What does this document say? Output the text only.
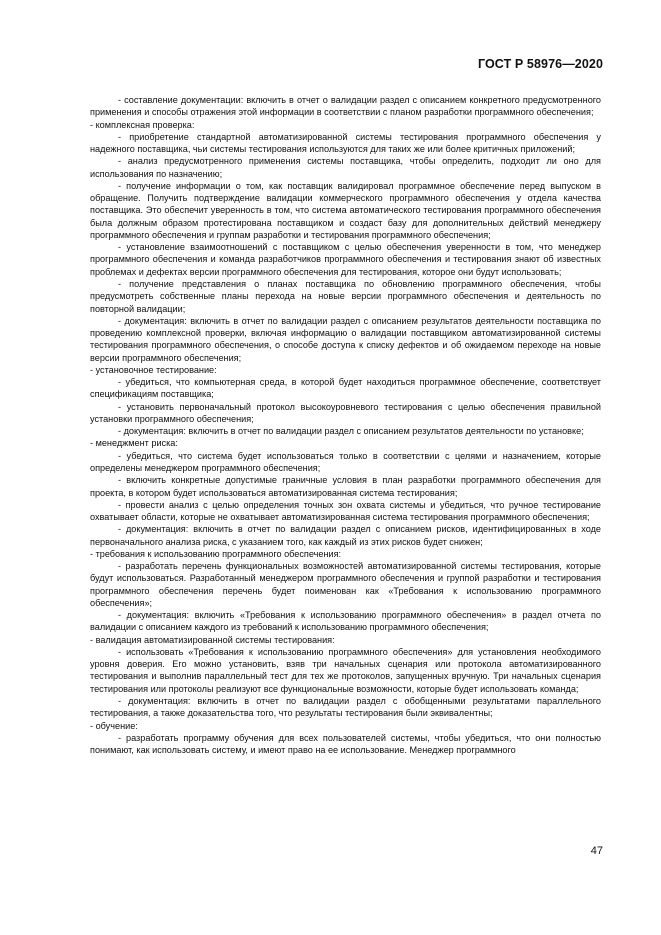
ГОСТ Р 58976—2020

- составление документации: включить в отчет о валидации раздел с описанием конкретного предусмотренного применения и способы отражения этой информации в соответствии с планом разработки программного обеспечения;

- комплексная проверка:

- приобретение стандартной автоматизированной системы тестирования программного обеспечения у надежного поставщика, чьи системы тестирования используются для таких же или более критичных приложений;

- анализ предусмотренного применения системы поставщика, чтобы определить, подходит ли оно для использования по назначению;

- получение информации о том, как поставщик валидировал программное обеспечение перед выпуском в обращение. Получить подтверждение валидации коммерческого программного обеспечения у отдела качества поставщика. Это обеспечит уверенность в том, что система автоматического тестирования программного обеспечения была должным образом протестирована поставщиком и создаст базу для дополнительных действий менеджеру программного обеспечения и группам разработки и тестирования программного обеспечения;

- установление взаимоотношений с поставщиком с целью обеспечения уверенности в том, что менеджер программного обеспечения и команда разработчиков программного обеспечения и тестирования знают об известных проблемах и дефектах версии программного обеспечения для тестирования, которое они будут использовать;

- получение представления о планах поставщика по обновлению программного обеспечения, чтобы предусмотреть собственные планы перехода на новые версии программного обеспечения и деятельность по повторной валидации;

- документация: включить в отчет по валидации раздел с описанием результатов деятельности поставщика по проведению комплексной проверки, включая информацию о валидации поставщиком автоматизированной системы тестирования программного обеспечения, о способе доступа к списку дефектов и об ожидаемом переходе на новые версии программного обеспечения;

- установочное тестирование:

- убедиться, что компьютерная среда, в которой будет находиться программное обеспечение, соответствует спецификациям поставщика;

- установить первоначальный протокол высокоуровневого тестирования с целью обеспечения правильной установки программного обеспечения;

- документация: включить в отчет по валидации раздел с описанием результатов деятельности по установке;

- менеджмент риска:

- убедиться, что система будет использоваться только в соответствии с целями и назначением, которые определены менеджером программного обеспечения;

- включить конкретные допустимые граничные условия в план разработки программного обеспечения для проекта, в котором будет использоваться автоматизированная система тестирования;

- провести анализ с целью определения точных зон охвата системы и убедиться, что ручное тестирование охватывает области, которые не охватывает автоматизированная система тестирования программного обеспечения;

- документация: включить в отчет по валидации раздел с описанием рисков, идентифицированных в ходе первоначального анализа риска, с указанием того, как каждый из этих рисков будет снижен;

- требования к использованию программного обеспечения:

- разработать перечень функциональных возможностей автоматизированной системы тестирования, которые будут использоваться. Разработанный менеджером программного обеспечения и группой разработки и тестирования программного обеспечения перечень будет поименован как «Требования к использованию программного обеспечения»;

- документация: включить «Требования к использованию программного обеспечения» в раздел отчета по валидации с описанием каждого из требований к использованию программного обеспечения;

- валидация автоматизированной системы тестирования:

- использовать «Требования к использованию программного обеспечения» для установления необходимого уровня доверия. Его можно установить, взяв три начальных сценария или протокола автоматизированного тестирования и выполнив параллельный тест для тех же протоколов, запущенных вручную. Три начальных сценария тестирования или протоколы реализуют все функциональные возможности, которые будет использовать команда;

- документация: включить в отчет по валидации раздел с обобщенными результатами параллельного тестирования, а также доказательства того, что результаты тестирования были эквивалентны;

- обучение:

- разработать программу обучения для всех пользователей системы, чтобы убедиться, что они полностью понимают, как использовать систему, и имеют право на ее использование. Менеджер программного

47
